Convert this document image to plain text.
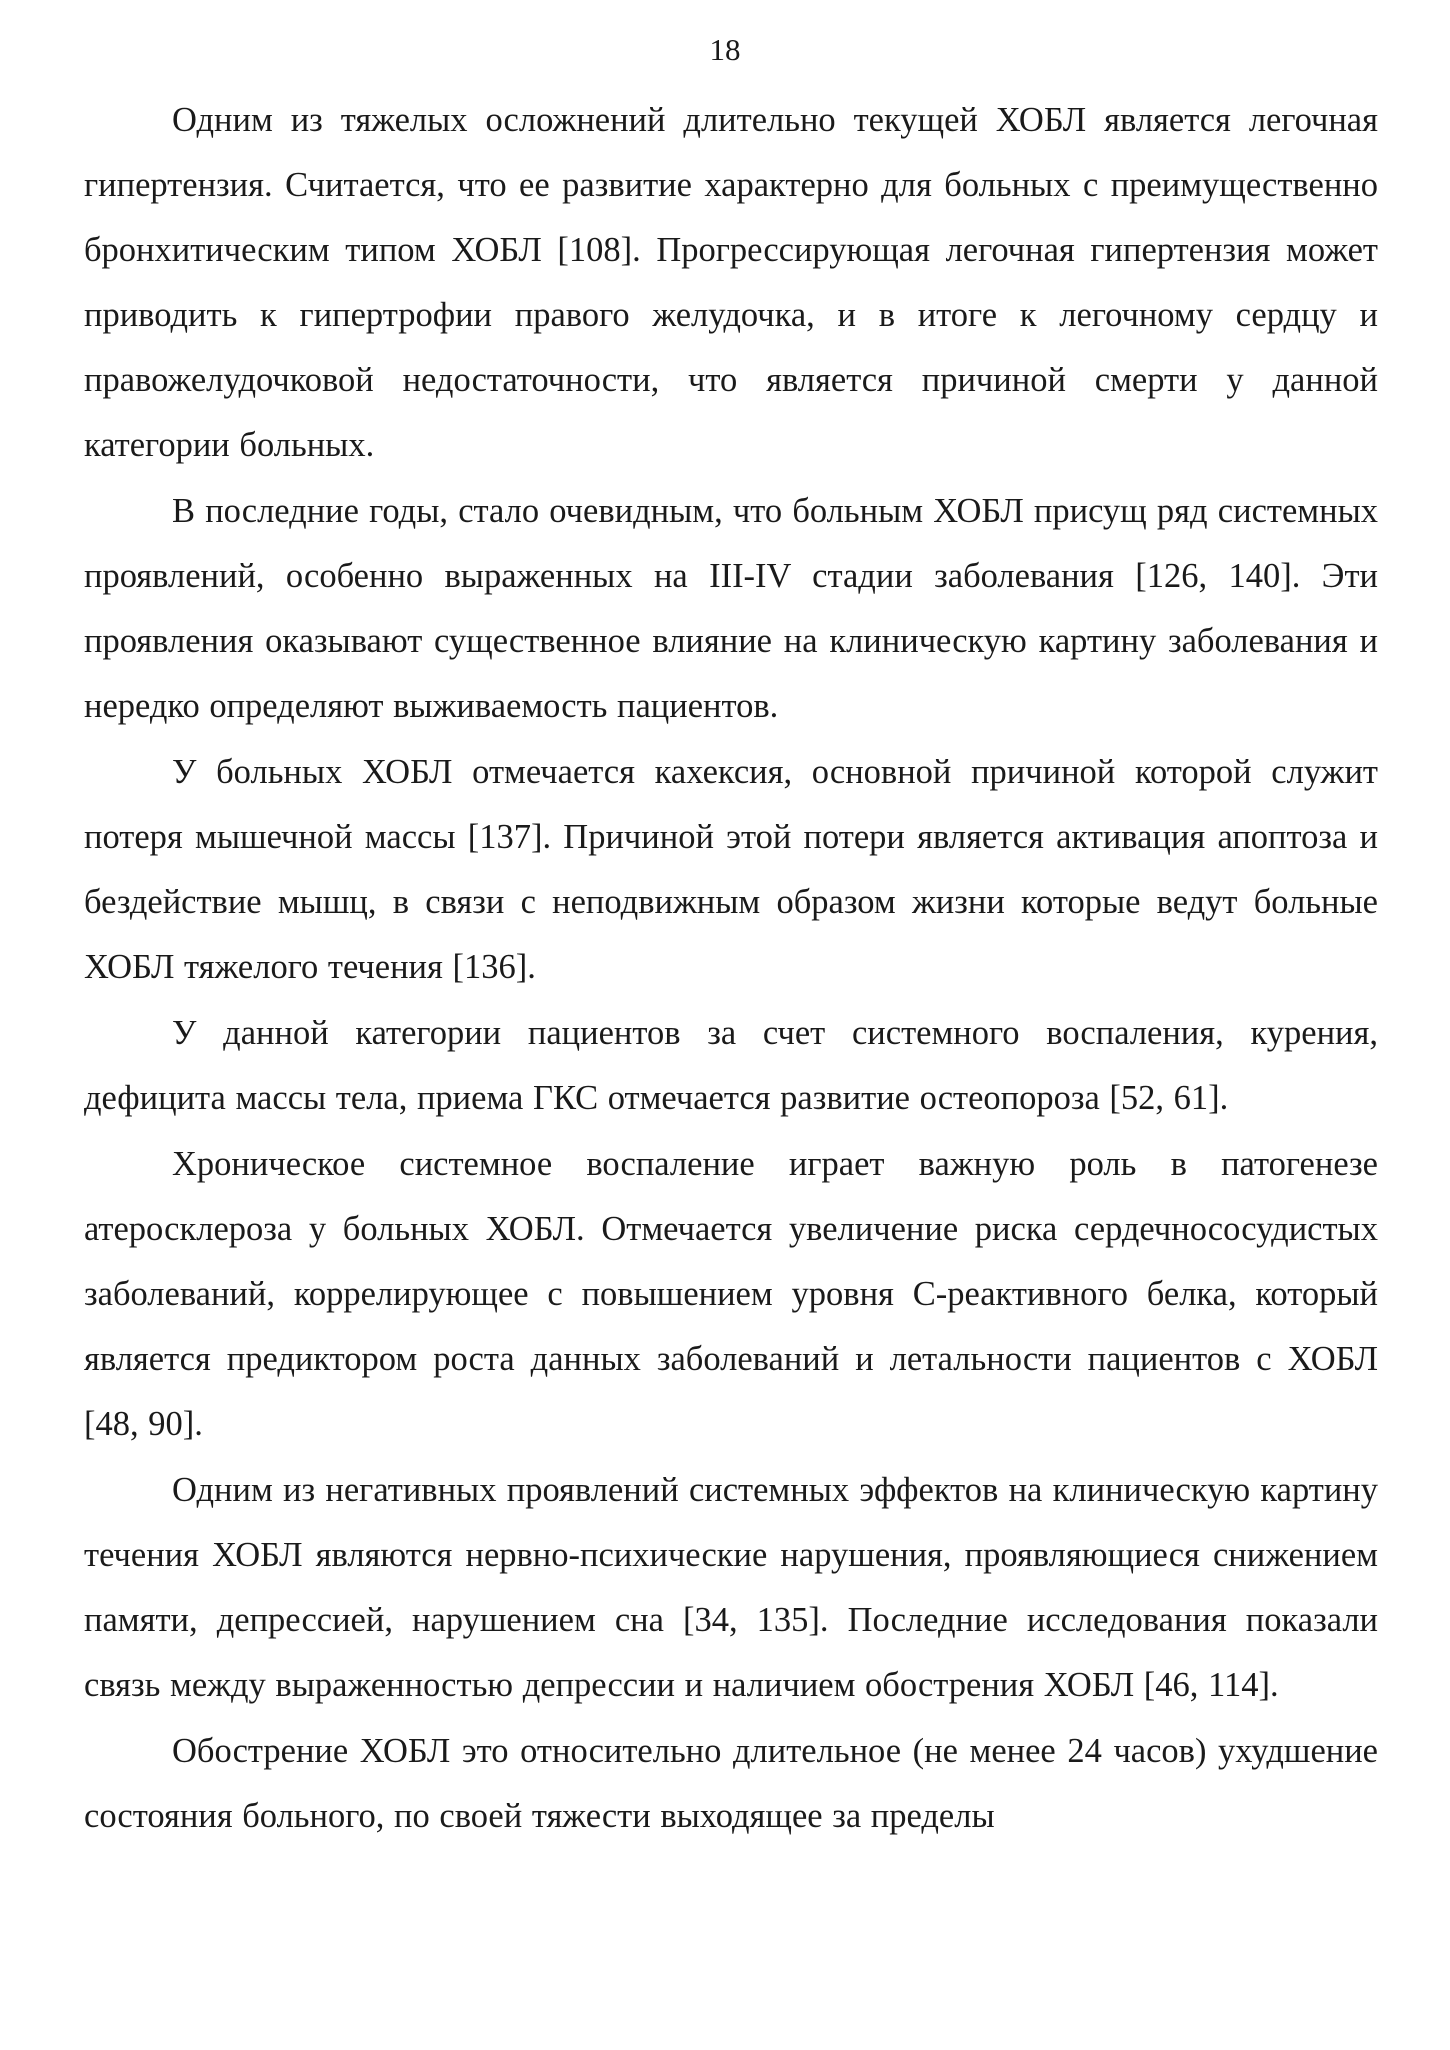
18

Одним из тяжелых осложнений длительно текущей ХОБЛ является легочная гипертензия. Считается, что ее развитие характерно для больных с преимущественно бронхитическим типом ХОБЛ [108]. Прогрессирующая легочная гипертензия может приводить к гипертрофии правого желудочка, и в итоге к легочному сердцу и правожелудочковой недостаточности, что является причиной смерти у данной категории больных.

В последние годы, стало очевидным, что больным ХОБЛ присущ ряд системных проявлений, особенно выраженных на III-IV стадии заболевания [126, 140]. Эти проявления оказывают существенное влияние на клиническую картину заболевания и нередко определяют выживаемость пациентов.

У больных ХОБЛ отмечается кахексия, основной причиной которой служит потеря мышечной массы [137]. Причиной этой потери является активация апоптоза и бездействие мышц, в связи с неподвижным образом жизни которые ведут больные ХОБЛ тяжелого течения [136].

У данной категории пациентов за счет системного воспаления, курения, дефицита массы тела, приема ГКС отмечается развитие остеопороза [52, 61].

Хроническое системное воспаление играет важную роль в патогенезе атеросклероза у больных ХОБЛ. Отмечается увеличение риска сердечнососудистых заболеваний, коррелирующее с повышением уровня С-реактивного белка, который является предиктором роста данных заболеваний и летальности пациентов с ХОБЛ [48, 90].

Одним из негативных проявлений системных эффектов на клиническую картину течения ХОБЛ являются нервно-психические нарушения, проявляющиеся снижением памяти, депрессией, нарушением сна [34, 135]. Последние исследования показали связь между выраженностью депрессии и наличием обострения ХОБЛ [46, 114].

Обострение ХОБЛ это относительно длительное (не менее 24 часов) ухудшение состояния больного, по своей тяжести выходящее за пределы
